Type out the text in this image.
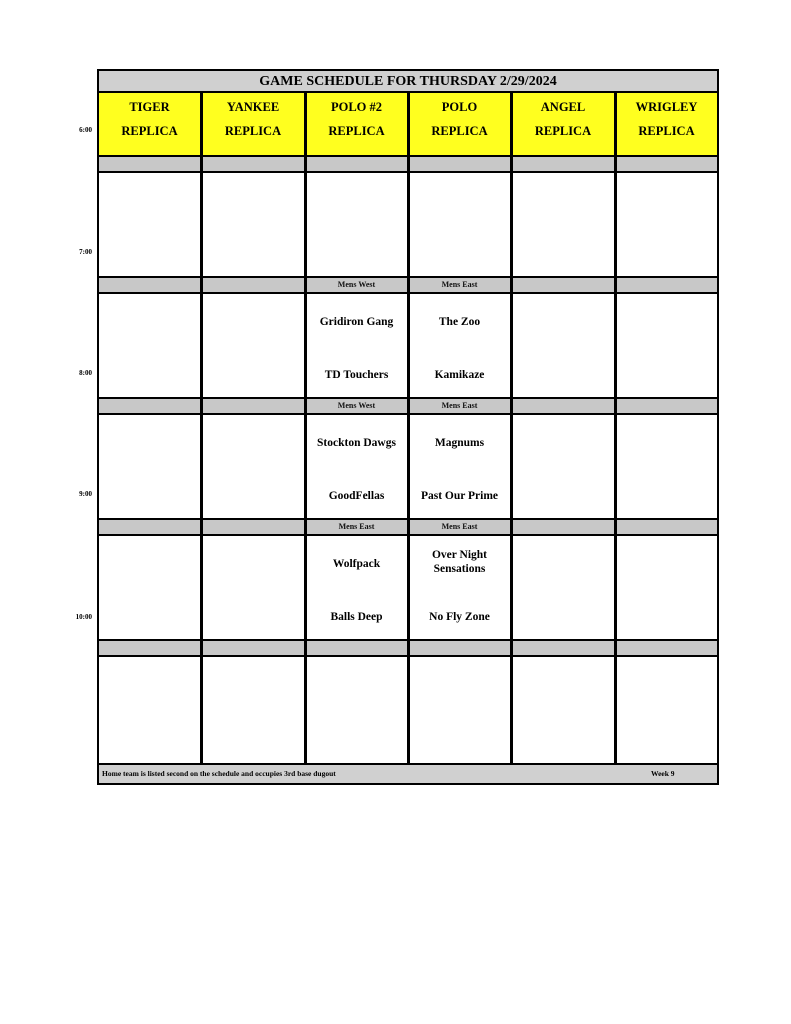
GAME SCHEDULE FOR THURSDAY 2/29/2024
TIGER
REPLICA
YANKEE
REPLICA
POLO #2
REPLICA
POLO
REPLICA
ANGEL
REPLICA
WRIGLEY
REPLICA
Mens West
Gridiron Gang
TD Touchers
Mens East
The Zoo
Kamikaze
Mens West
Stockton Dawgs
GoodFellas
Mens East
Magnums
Past Our Prime
Mens East
Wolfpack
Balls Deep
Mens East
Over Night Sensations
No Fly Zone
Home team is listed second on the schedule and occupies 3rd base dugout	Week 9
6:00
7:00
8:00
9:00
10:00
